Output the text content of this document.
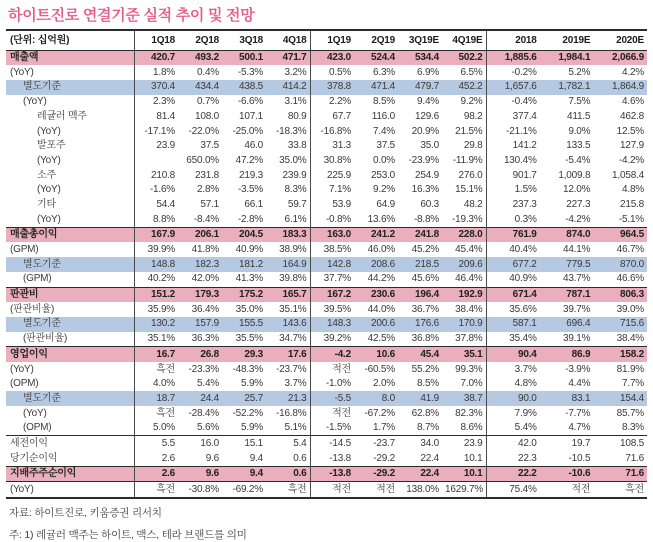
하이트진로 연결기준 실적 추이 및 전망
(단위: 십억원)	1Q18	2Q18	3Q18	4Q18	1Q19	2Q19	3Q19E	4Q19E	2018	2019E	2020E
매출액	420.7	493.2	500.1	471.7	423.0	524.4	534.4	502.2	1,885.6	1,984.1	2,066.9
(YoY)	1.8%	0.4%	-5.3%	3.2%	0.5%	6.3%	6.9%	6.5%	-0.2%	5.2%	4.2%
별도기준	370.4	434.4	438.5	414.2	378.8	471.4	479.7	452.2	1,657.6	1,782.1	1,864.9
(YoY)	2.3%	0.7%	-6.6%	3.1%	2.2%	8.5%	9.4%	9.2%	-0.4%	7.5%	4.6%
레귤러 맥주	81.4	108.0	107.1	80.9	67.7	116.0	129.6	98.2	377.4	411.5	462.8
(YoY)	-17.1%	-22.0%	-25.0%	-18.3%	-16.8%	7.4%	20.9%	21.5%	-21.1%	9.0%	12.5%
발포주	23.9	37.5	46.0	33.8	31.3	37.5	35.0	29.8	141.2	133.5	127.9
(YoY)		650.0%	47.2%	35.0%	30.8%	0.0%	-23.9%	-11.9%	130.4%	-5.4%	-4.2%
소주	210.8	231.8	219.3	239.9	225.9	253.0	254.9	276.0	901.7	1,009.8	1,058.4
(YoY)	-1.6%	2.8%	-3.5%	8.3%	7.1%	9.2%	16.3%	15.1%	1.5%	12.0%	4.8%
기타	54.4	57.1	66.1	59.7	53.9	64.9	60.3	48.2	237.3	227.3	215.8
(YoY)	8.8%	-8.4%	-2.8%	6.1%	-0.8%	13.6%	-8.8%	-19.3%	0.3%	-4.2%	-5.1%
매출총이익	167.9	206.1	204.5	183.3	163.0	241.2	241.8	228.0	761.9	874.0	964.5
(GPM)	39.9%	41.8%	40.9%	38.9%	38.5%	46.0%	45.2%	45.4%	40.4%	44.1%	46.7%
별도기준	148.8	182.3	181.2	164.9	142.8	208.6	218.5	209.6	677.2	779.5	870.0
(GPM)	40.2%	42.0%	41.3%	39.8%	37.7%	44.2%	45.6%	46.4%	40.9%	43.7%	46.6%
판관비	151.2	179.3	175.2	165.7	167.2	230.6	196.4	192.9	671.4	787.1	806.3
(판관비율)	35.9%	36.4%	35.0%	35.1%	39.5%	44.0%	36.7%	38.4%	35.6%	39.7%	39.0%
별도기준	130.2	157.9	155.5	143.6	148.3	200.6	176.6	170.9	587.1	696.4	715.6
(판관비율)	35.1%	36.3%	35.5%	34.7%	39.2%	42.5%	36.8%	37.8%	35.4%	39.1%	38.4%
영업이익	16.7	26.8	29.3	17.6	-4.2	10.6	45.4	35.1	90.4	86.9	158.2
(YoY)	흑전	-23.3%	-48.3%	-23.7%	적전	-60.5%	55.2%	99.3%	3.7%	-3.9%	81.9%
(OPM)	4.0%	5.4%	5.9%	3.7%	-1.0%	2.0%	8.5%	7.0%	4.8%	4.4%	7.7%
별도기준	18.7	24.4	25.7	21.3	-5.5	8.0	41.9	38.7	90.0	83.1	154.4
(YoY)	흑전	-28.4%	-52.2%	-16.8%	적전	-67.2%	62.8%	82.3%	7.9%	-7.7%	85.7%
(OPM)	5.0%	5.6%	5.9%	5.1%	-1.5%	1.7%	8.7%	8.6%	5.4%	4.7%	8.3%
세전이익	5.5	16.0	15.1	5.4	-14.5	-23.7	34.0	23.9	42.0	19.7	108.5
당기순이익	2.6	9.6	9.4	0.6	-13.8	-29.2	22.4	10.1	22.3	-10.5	71.6
지배주주순이익	2.6	9.6	9.4	0.6	-13.8	-29.2	22.4	10.1	22.2	-10.6	71.6
(YoY)	흑전	-30.8%	-69.2%	흑전	적전	적전	138.0%	1629.7%	75.4%	적전	흑전
자료: 하이트진로, 키움증권 리서치
주: 1) 레귤러 맥주는 하이트, 맥스, 테라 브랜드를 의미
